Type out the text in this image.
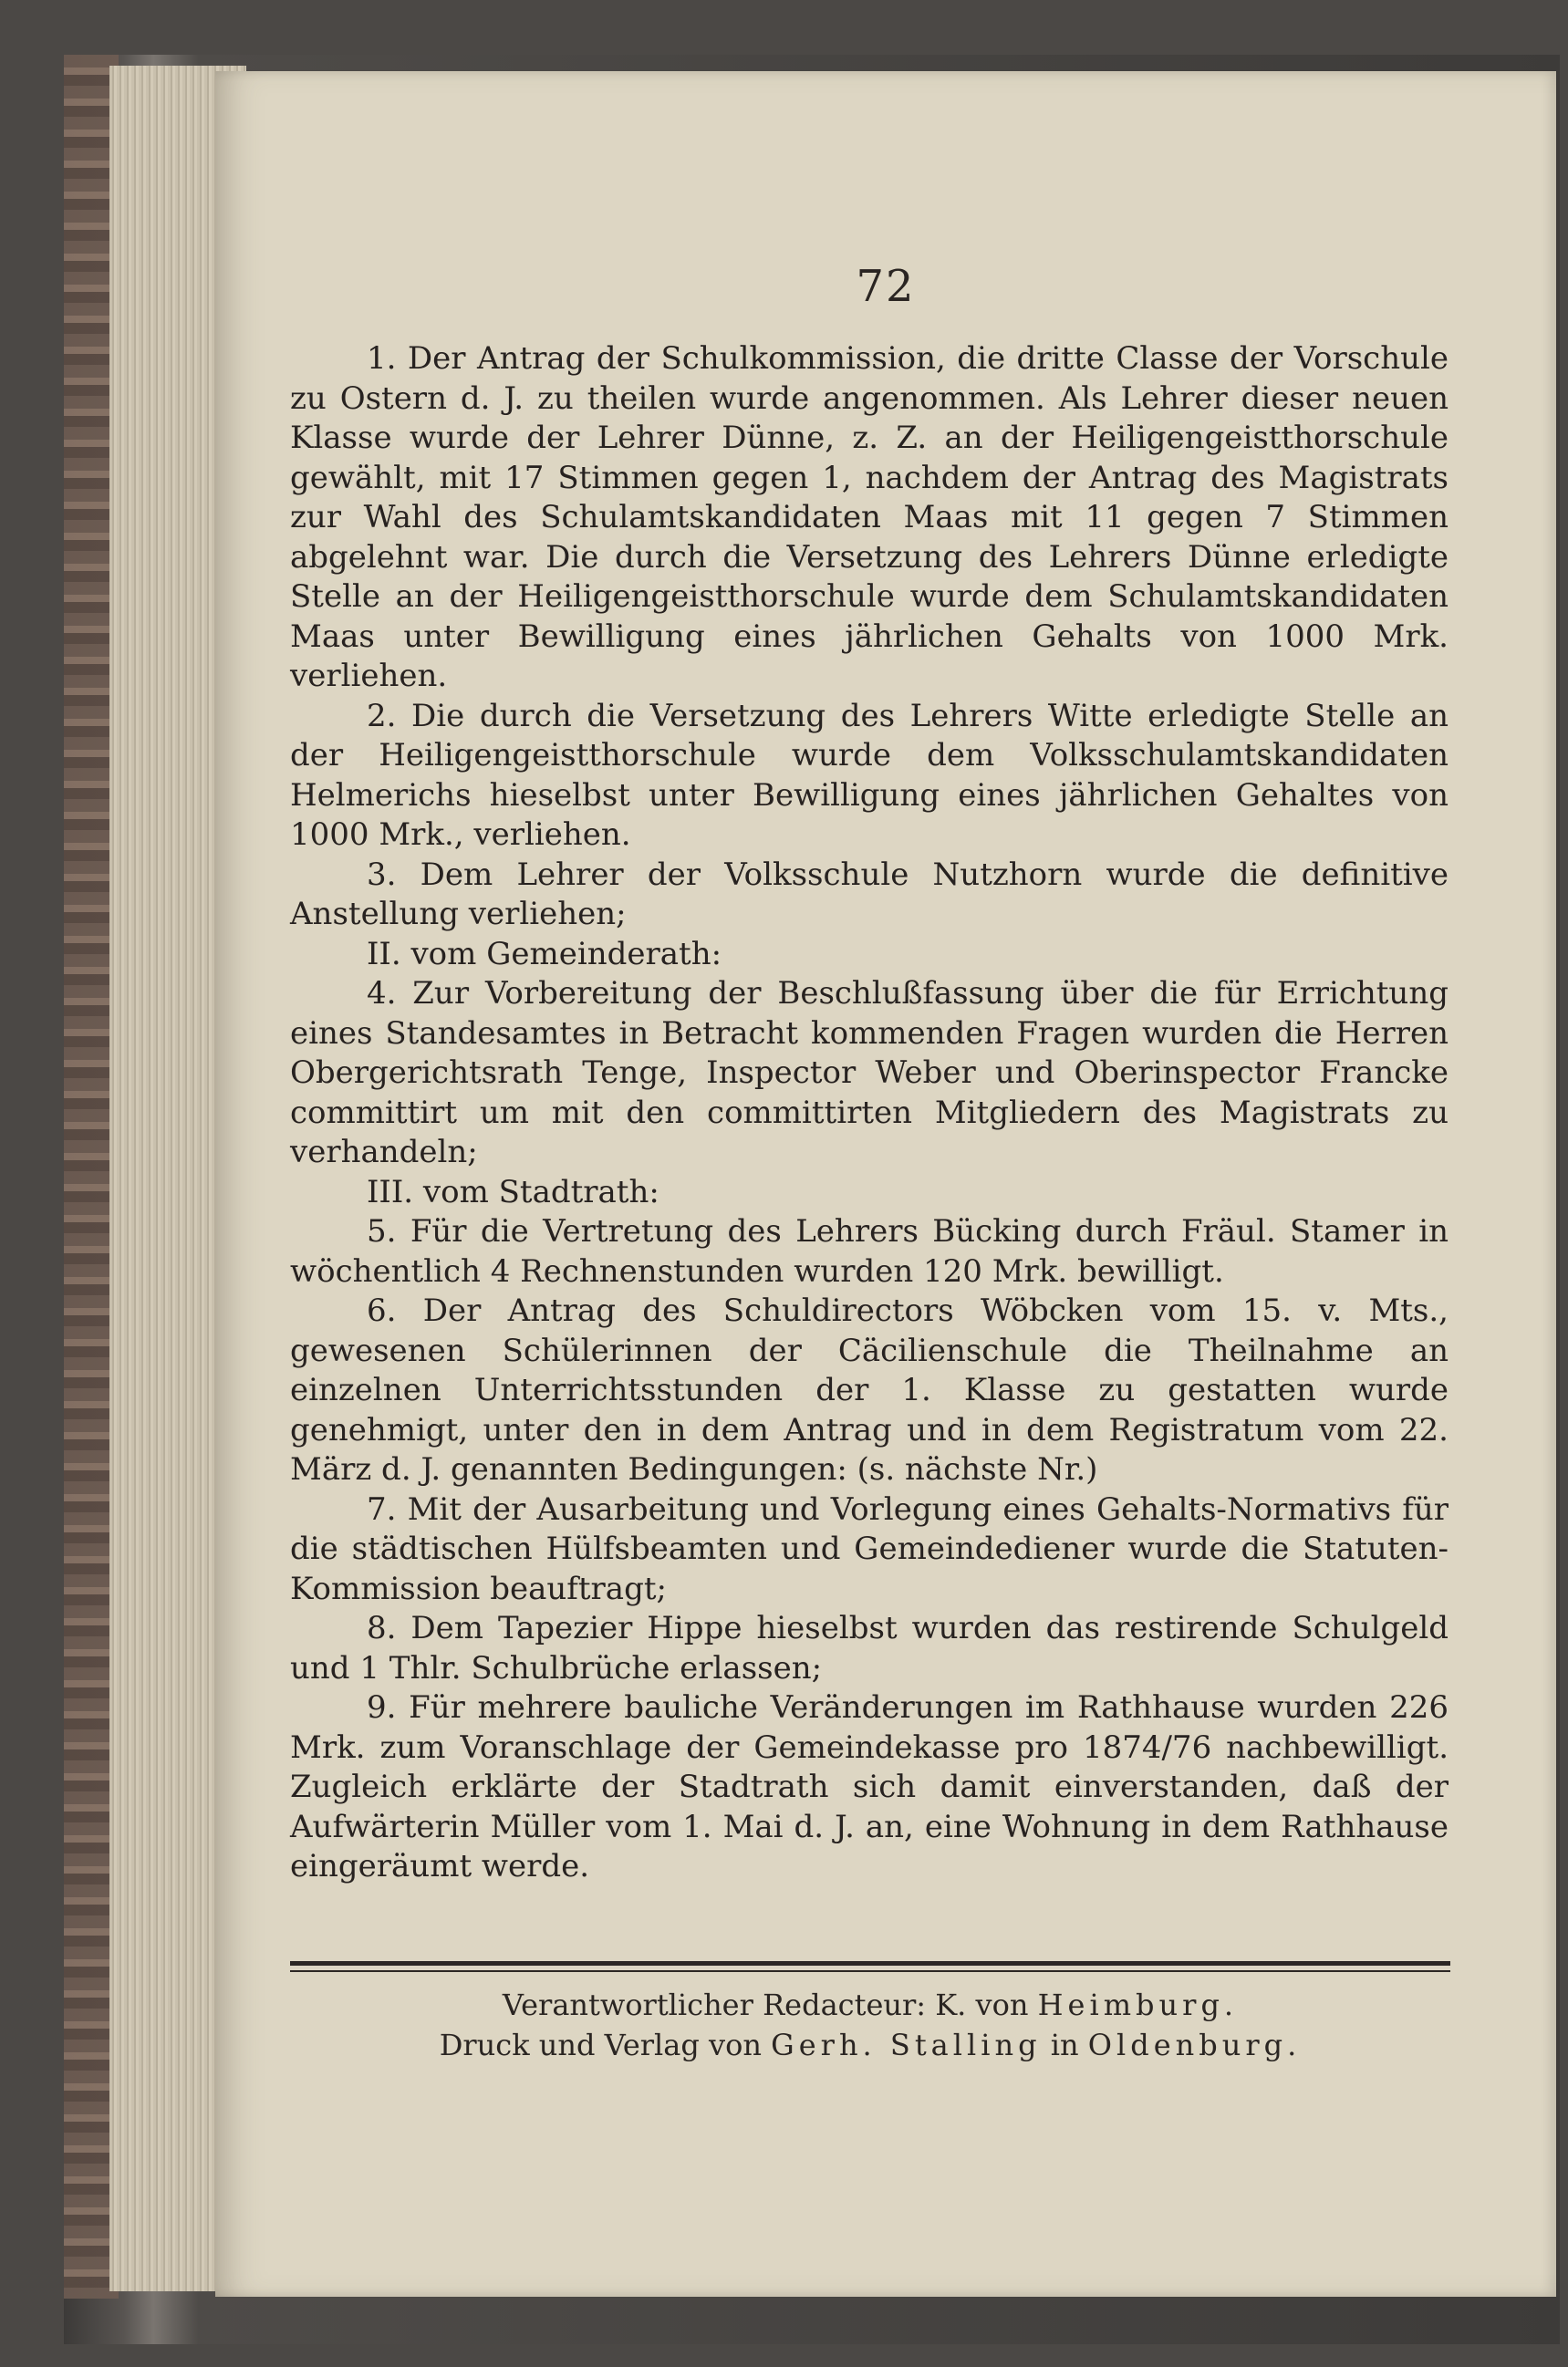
72

1. Der Antrag der Schulkommission, die dritte Classe der Vorschule zu Ostern d. J. zu theilen wurde angenommen. Als Lehrer dieser neuen Klasse wurde der Lehrer Dünne, z. Z. an der Heiligengeistthorschule gewählt, mit 17 Stimmen gegen 1, nachdem der Antrag des Magistrats zur Wahl des Schulamtskandidaten Maas mit 11 gegen 7 Stimmen abgelehnt war. Die durch die Versetzung des Lehrers Dünne erledigte Stelle an der Heiligengeistthorschule wurde dem Schulamtskandidaten Maas unter Bewilligung eines jährlichen Gehalts von 1000 Mrk. verliehen.

2. Die durch die Versetzung des Lehrers Witte erledigte Stelle an der Heiligengeistthorschule wurde dem Volksschulamtskandidaten Helmerichs hieselbst unter Bewilligung eines jährlichen Gehaltes von 1000 Mrk., verliehen.

3. Dem Lehrer der Volksschule Nutzhorn wurde die definitive Anstellung verliehen;

II. vom Gemeinderath:

4. Zur Vorbereitung der Beschlußfassung über die für Errichtung eines Standesamtes in Betracht kommenden Fragen wurden die Herren Obergerichtsrath Tenge, Inspector Weber und Oberinspector Francke committirt um mit den committirten Mitgliedern des Magistrats zu verhandeln;

III. vom Stadtrath:

5. Für die Vertretung des Lehrers Bücking durch Fräul. Stamer in wöchentlich 4 Rechnenstunden wurden 120 Mrk. bewilligt.

6. Der Antrag des Schuldirectors Wöbcken vom 15. v. Mts., gewesenen Schülerinnen der Cäcilienschule die Theilnahme an einzelnen Unterrichtsstunden der 1. Klasse zu gestatten wurde genehmigt, unter den in dem Antrag und in dem Registratum vom 22. März d. J. genannten Bedingungen: (s. nächste Nr.)

7. Mit der Ausarbeitung und Vorlegung eines Gehalts-Normativs für die städtischen Hülfsbeamten und Gemeindediener wurde die Statuten-Kommission beauftragt;

8. Dem Tapezier Hippe hieselbst wurden das restirende Schulgeld und 1 Thlr. Schulbrüche erlassen;

9. Für mehrere bauliche Veränderungen im Rathhause wurden 226 Mrk. zum Voranschlage der Gemeindekasse pro 1874/76 nachbewilligt. Zugleich erklärte der Stadtrath sich damit einverstanden, daß der Aufwärterin Müller vom 1. Mai d. J. an, eine Wohnung in dem Rathhause eingeräumt werde.

Verantwortlicher Redacteur: K. von Heimburg.
Druck und Verlag von Gerh. Stalling in Oldenburg.
